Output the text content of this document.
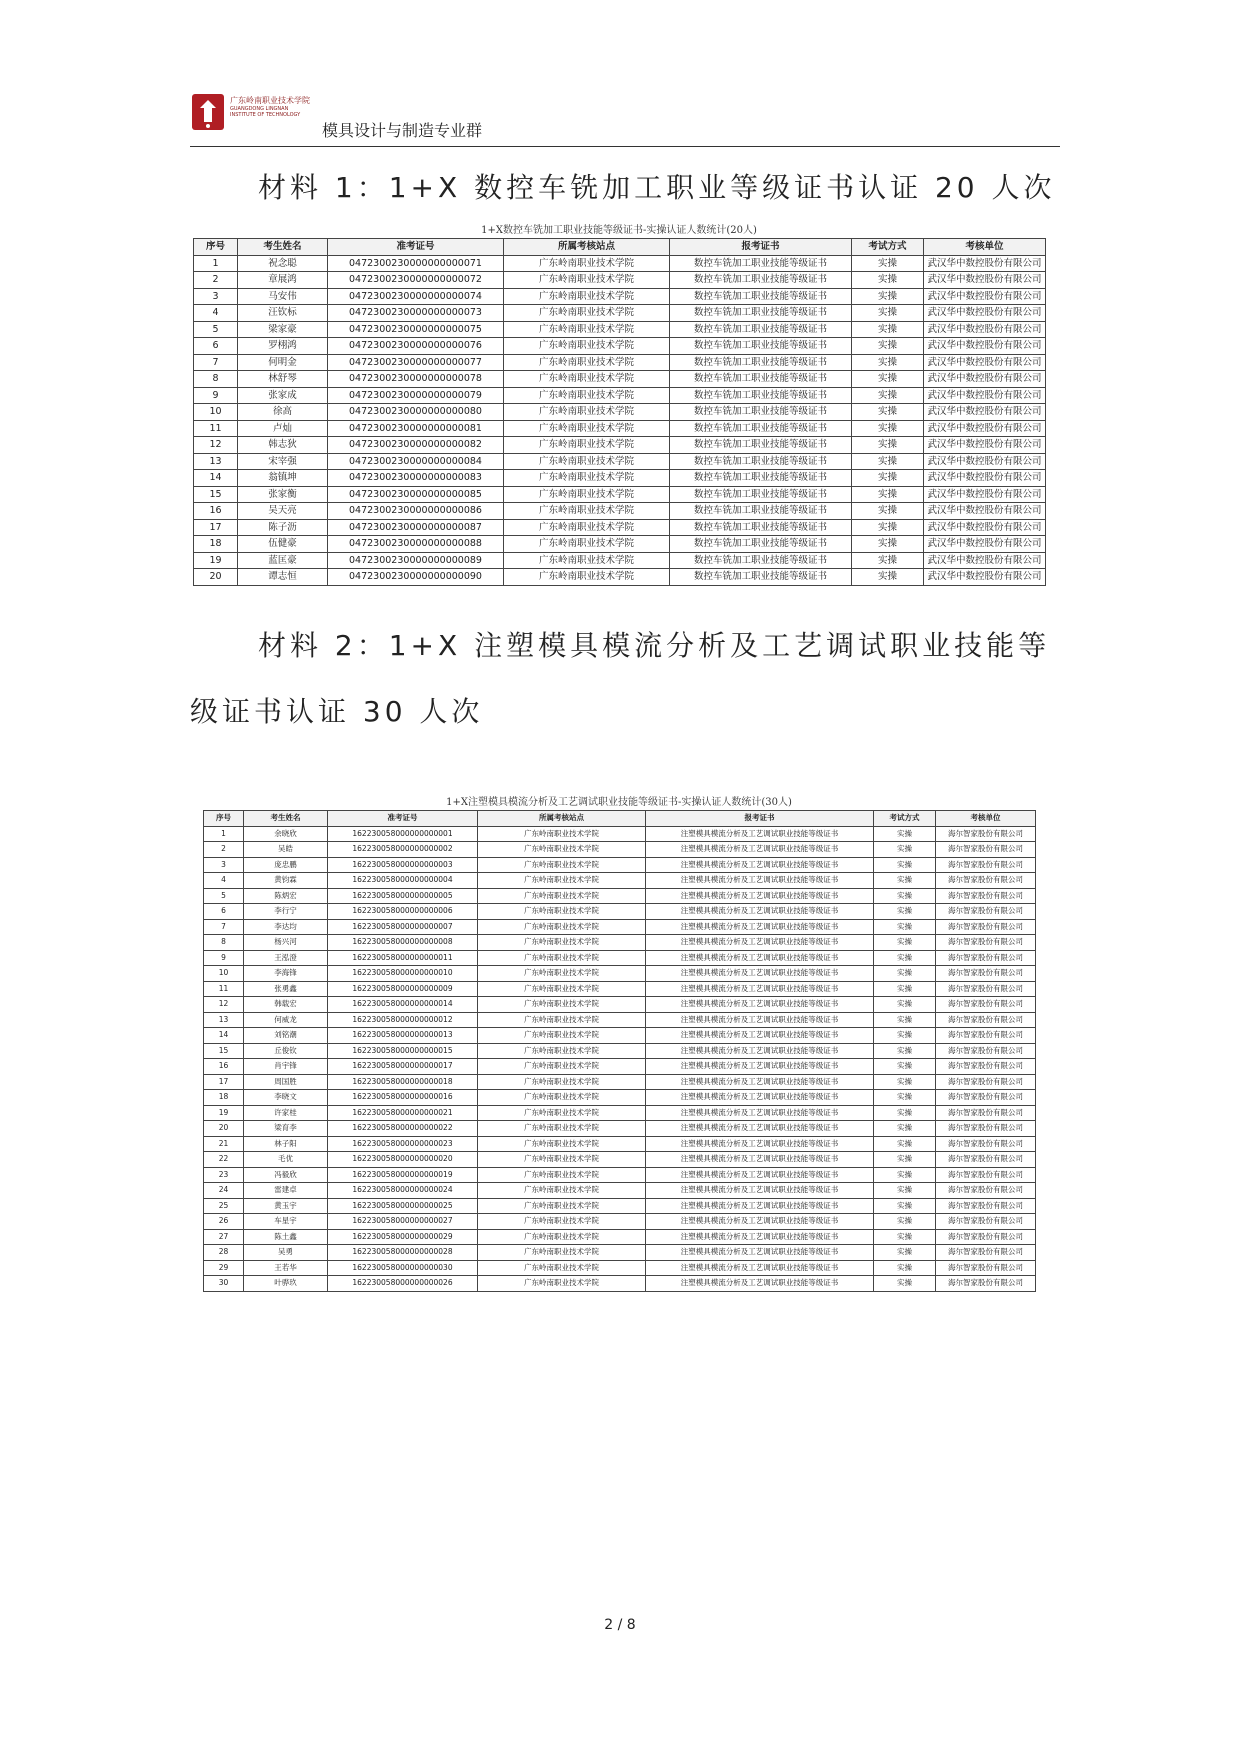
广东岭南职业技术学院
GUANGDONG LINGNAN
INSTITUTE OF TECHNOLOGY
模具设计与制造专业群
材料 1：1+X 数控车铣加工职业等级证书认证 20 人次
1+X数控车铣加工职业技能等级证书-实操认证人数统计(20人)
序号	考生姓名	准考证号	所属考核站点	报考证书	考试方式	考核单位
1	祝念聪	0472300230000000000071	广东岭南职业技术学院	数控车铣加工职业技能等级证书	实操	武汉华中数控股份有限公司
2	章展鸿	0472300230000000000072	广东岭南职业技术学院	数控车铣加工职业技能等级证书	实操	武汉华中数控股份有限公司
3	马安伟	0472300230000000000074	广东岭南职业技术学院	数控车铣加工职业技能等级证书	实操	武汉华中数控股份有限公司
4	汪钦标	0472300230000000000073	广东岭南职业技术学院	数控车铣加工职业技能等级证书	实操	武汉华中数控股份有限公司
5	梁家豪	0472300230000000000075	广东岭南职业技术学院	数控车铣加工职业技能等级证书	实操	武汉华中数控股份有限公司
6	罗栩鸿	0472300230000000000076	广东岭南职业技术学院	数控车铣加工职业技能等级证书	实操	武汉华中数控股份有限公司
7	何明金	0472300230000000000077	广东岭南职业技术学院	数控车铣加工职业技能等级证书	实操	武汉华中数控股份有限公司
8	林舒琴	0472300230000000000078	广东岭南职业技术学院	数控车铣加工职业技能等级证书	实操	武汉华中数控股份有限公司
9	张家成	0472300230000000000079	广东岭南职业技术学院	数控车铣加工职业技能等级证书	实操	武汉华中数控股份有限公司
10	徐高	0472300230000000000080	广东岭南职业技术学院	数控车铣加工职业技能等级证书	实操	武汉华中数控股份有限公司
11	卢灿	0472300230000000000081	广东岭南职业技术学院	数控车铣加工职业技能等级证书	实操	武汉华中数控股份有限公司
12	韩志狄	0472300230000000000082	广东岭南职业技术学院	数控车铣加工职业技能等级证书	实操	武汉华中数控股份有限公司
13	宋宰强	0472300230000000000084	广东岭南职业技术学院	数控车铣加工职业技能等级证书	实操	武汉华中数控股份有限公司
14	翁镇坤	0472300230000000000083	广东岭南职业技术学院	数控车铣加工职业技能等级证书	实操	武汉华中数控股份有限公司
15	张家衡	0472300230000000000085	广东岭南职业技术学院	数控车铣加工职业技能等级证书	实操	武汉华中数控股份有限公司
16	吴天亮	0472300230000000000086	广东岭南职业技术学院	数控车铣加工职业技能等级证书	实操	武汉华中数控股份有限公司
17	陈子沥	0472300230000000000087	广东岭南职业技术学院	数控车铣加工职业技能等级证书	实操	武汉华中数控股份有限公司
18	伍健豪	0472300230000000000088	广东岭南职业技术学院	数控车铣加工职业技能等级证书	实操	武汉华中数控股份有限公司
19	蓝匡豪	0472300230000000000089	广东岭南职业技术学院	数控车铣加工职业技能等级证书	实操	武汉华中数控股份有限公司
20	谭志恒	0472300230000000000090	广东岭南职业技术学院	数控车铣加工职业技能等级证书	实操	武汉华中数控股份有限公司
材料 2：1+X 注塑模具模流分析及工艺调试职业技能等
级证书认证 30 人次
1+X注塑模具模流分析及工艺调试职业技能等级证书-实操认证人数统计(30人)
序号	考生姓名	准考证号	所属考核站点	报考证书	考试方式	考核单位
1	余晓欣	162230058000000000001	广东岭南职业技术学院	注塑模具模流分析及工艺调试职业技能等级证书	实操	海尔智家股份有限公司
2	吴皓	162230058000000000002	广东岭南职业技术学院	注塑模具模流分析及工艺调试职业技能等级证书	实操	海尔智家股份有限公司
3	庞忠鹏	162230058000000000003	广东岭南职业技术学院	注塑模具模流分析及工艺调试职业技能等级证书	实操	海尔智家股份有限公司
4	黄钧霖	162230058000000000004	广东岭南职业技术学院	注塑模具模流分析及工艺调试职业技能等级证书	实操	海尔智家股份有限公司
5	陈炳宏	162230058000000000005	广东岭南职业技术学院	注塑模具模流分析及工艺调试职业技能等级证书	实操	海尔智家股份有限公司
6	李行宁	162230058000000000006	广东岭南职业技术学院	注塑模具模流分析及工艺调试职业技能等级证书	实操	海尔智家股份有限公司
7	李达均	162230058000000000007	广东岭南职业技术学院	注塑模具模流分析及工艺调试职业技能等级证书	实操	海尔智家股份有限公司
8	杨兴河	162230058000000000008	广东岭南职业技术学院	注塑模具模流分析及工艺调试职业技能等级证书	实操	海尔智家股份有限公司
9	王泓澄	162230058000000000011	广东岭南职业技术学院	注塑模具模流分析及工艺调试职业技能等级证书	实操	海尔智家股份有限公司
10	李海锋	162230058000000000010	广东岭南职业技术学院	注塑模具模流分析及工艺调试职业技能等级证书	实操	海尔智家股份有限公司
11	张勇鑫	162230058000000000009	广东岭南职业技术学院	注塑模具模流分析及工艺调试职业技能等级证书	实操	海尔智家股份有限公司
12	韩载宏	162230058000000000014	广东岭南职业技术学院	注塑模具模流分析及工艺调试职业技能等级证书	实操	海尔智家股份有限公司
13	何威龙	162230058000000000012	广东岭南职业技术学院	注塑模具模流分析及工艺调试职业技能等级证书	实操	海尔智家股份有限公司
14	刘铭潮	162230058000000000013	广东岭南职业技术学院	注塑模具模流分析及工艺调试职业技能等级证书	实操	海尔智家股份有限公司
15	丘俊钦	162230058000000000015	广东岭南职业技术学院	注塑模具模流分析及工艺调试职业技能等级证书	实操	海尔智家股份有限公司
16	肖宇锋	162230058000000000017	广东岭南职业技术学院	注塑模具模流分析及工艺调试职业技能等级证书	实操	海尔智家股份有限公司
17	周国胜	162230058000000000018	广东岭南职业技术学院	注塑模具模流分析及工艺调试职业技能等级证书	实操	海尔智家股份有限公司
18	李晓文	162230058000000000016	广东岭南职业技术学院	注塑模具模流分析及工艺调试职业技能等级证书	实操	海尔智家股份有限公司
19	许家桂	162230058000000000021	广东岭南职业技术学院	注塑模具模流分析及工艺调试职业技能等级证书	实操	海尔智家股份有限公司
20	梁育李	162230058000000000022	广东岭南职业技术学院	注塑模具模流分析及工艺调试职业技能等级证书	实操	海尔智家股份有限公司
21	林子阳	162230058000000000023	广东岭南职业技术学院	注塑模具模流分析及工艺调试职业技能等级证书	实操	海尔智家股份有限公司
22	毛优	162230058000000000020	广东岭南职业技术学院	注塑模具模流分析及工艺调试职业技能等级证书	实操	海尔智家股份有限公司
23	冯毅欣	162230058000000000019	广东岭南职业技术学院	注塑模具模流分析及工艺调试职业技能等级证书	实操	海尔智家股份有限公司
24	雷建卓	162230058000000000024	广东岭南职业技术学院	注塑模具模流分析及工艺调试职业技能等级证书	实操	海尔智家股份有限公司
25	黄玉宇	162230058000000000025	广东岭南职业技术学院	注塑模具模流分析及工艺调试职业技能等级证书	实操	海尔智家股份有限公司
26	车星宇	162230058000000000027	广东岭南职业技术学院	注塑模具模流分析及工艺调试职业技能等级证书	实操	海尔智家股份有限公司
27	陈土鑫	162230058000000000029	广东岭南职业技术学院	注塑模具模流分析及工艺调试职业技能等级证书	实操	海尔智家股份有限公司
28	吴勇	162230058000000000028	广东岭南职业技术学院	注塑模具模流分析及工艺调试职业技能等级证书	实操	海尔智家股份有限公司
29	王若华	162230058000000000030	广东岭南职业技术学院	注塑模具模流分析及工艺调试职业技能等级证书	实操	海尔智家股份有限公司
30	叶骅玖	162230058000000000026	广东岭南职业技术学院	注塑模具模流分析及工艺调试职业技能等级证书	实操	海尔智家股份有限公司
2 / 8
